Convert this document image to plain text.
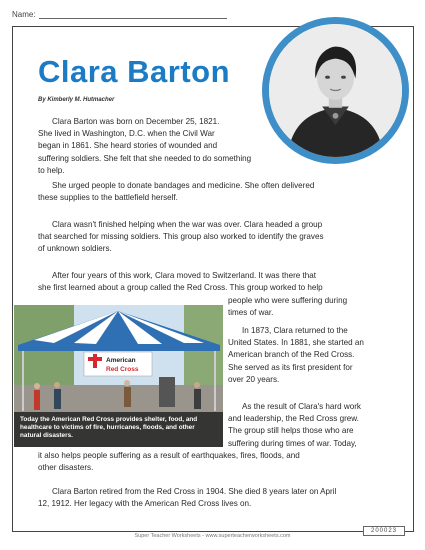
Name:
Clara Barton
By Kimberly M. Hutmacher
Clara Barton was born on December 25, 1821.
She lived in Washington, D.C. when the Civil War
began in 1861. She heard stories of wounded and
suffering soldiers. She felt that she needed to do something
to help.
She urged people to donate bandages and medicine. She often delivered
these supplies to the battlefield herself.
Clara wasn't finished helping when the war was over. Clara headed a group
that searched for missing soldiers. This group also worked to identify the graves
of unknown soldiers.
After four years of this work, Clara moved to Switzerland. It was there that
she first learned about a group called the Red Cross. This group worked to help
people who were suffering during
times of war.
In 1873, Clara returned to the
United States. In 1881, she started an
American branch of the Red Cross.
She served as its first president for
over 20 years.
As the result of Clara's hard work
and leadership, the Red Cross grew.
The group still helps those who are
suffering during times of war. Today,
it also helps people suffering as a result of earthquakes, fires, floods, and
other disasters.
Clara Barton retired from the Red Cross in 1904. She died 8 years later on April
12, 1912. Her legacy with the American Red Cross lives on.
American
Red Cross
Today the American Red Cross provides shelter, food, and healthcare to victims of fire, hurricanes, floods, and other natural disasters.
Super Teacher Worksheets - www.superteacherworksheets.com
200023
